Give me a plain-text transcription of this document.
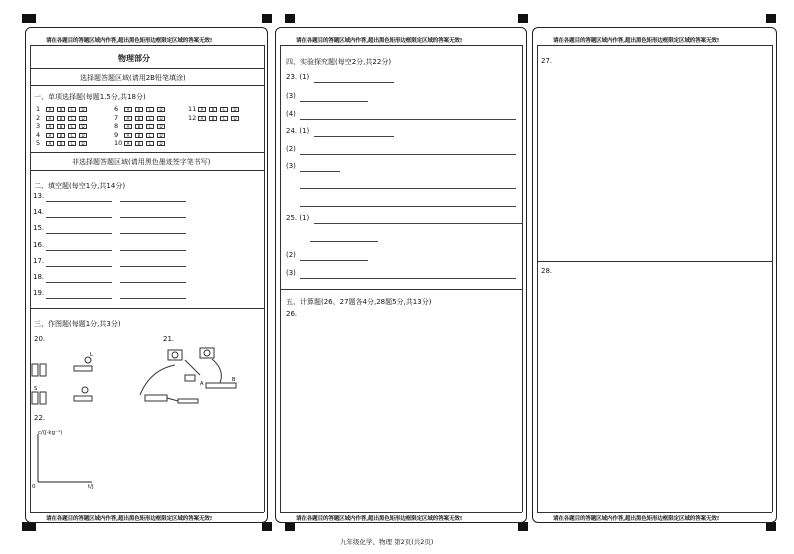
请在各题目的答题区域内作答,超出黑色矩形边框限定区域的答案无效!
请在各题目的答题区域内作答,超出黑色矩形边框限定区域的答案无效!
物理部分
选择题答题区域(请用2B铅笔填涂)
一、单项选择题(每题1.5分,共18分)
1	A	B	C	D
2	A	B	C	D
3	A	B	C	D
4	A	B	C	D
5	A	B	C	D
6	A	B	C	D
7	A	B	C	D
8	A	B	C	D
9	A	B	C	D
10	A	B	C	D
11	A	B	C	D
12	A	B	C	D
非选择题答题区域(请用黑色墨迹签字笔书写)
二、填空题(每空1分,共14分)
13.
14.
15.
16.
17.
18.
19.
三、作图题(每题1分,共3分)
20.	21.
L
S
A
B
22.
c/(J·kg⁻¹)
0	t/J
请在各题目的答题区域内作答,超出黑色矩形边框限定区域的答案无效!
请在各题目的答题区域内作答,超出黑色矩形边框限定区域的答案无效!
四、实验探究题(每空2分,共22分)
23. (1)
(3)
(4)
24. (1)
(2)
(3)
25. (1)
(2)
(3)
五、计算题(26、27题各4分,28题5分,共13分)
26.
请在各题目的答题区域内作答,超出黑色矩形边框限定区域的答案无效!
请在各题目的答题区域内作答,超出黑色矩形边框限定区域的答案无效!
27.
28.
九年级化学、物理 第2页(共2页)
